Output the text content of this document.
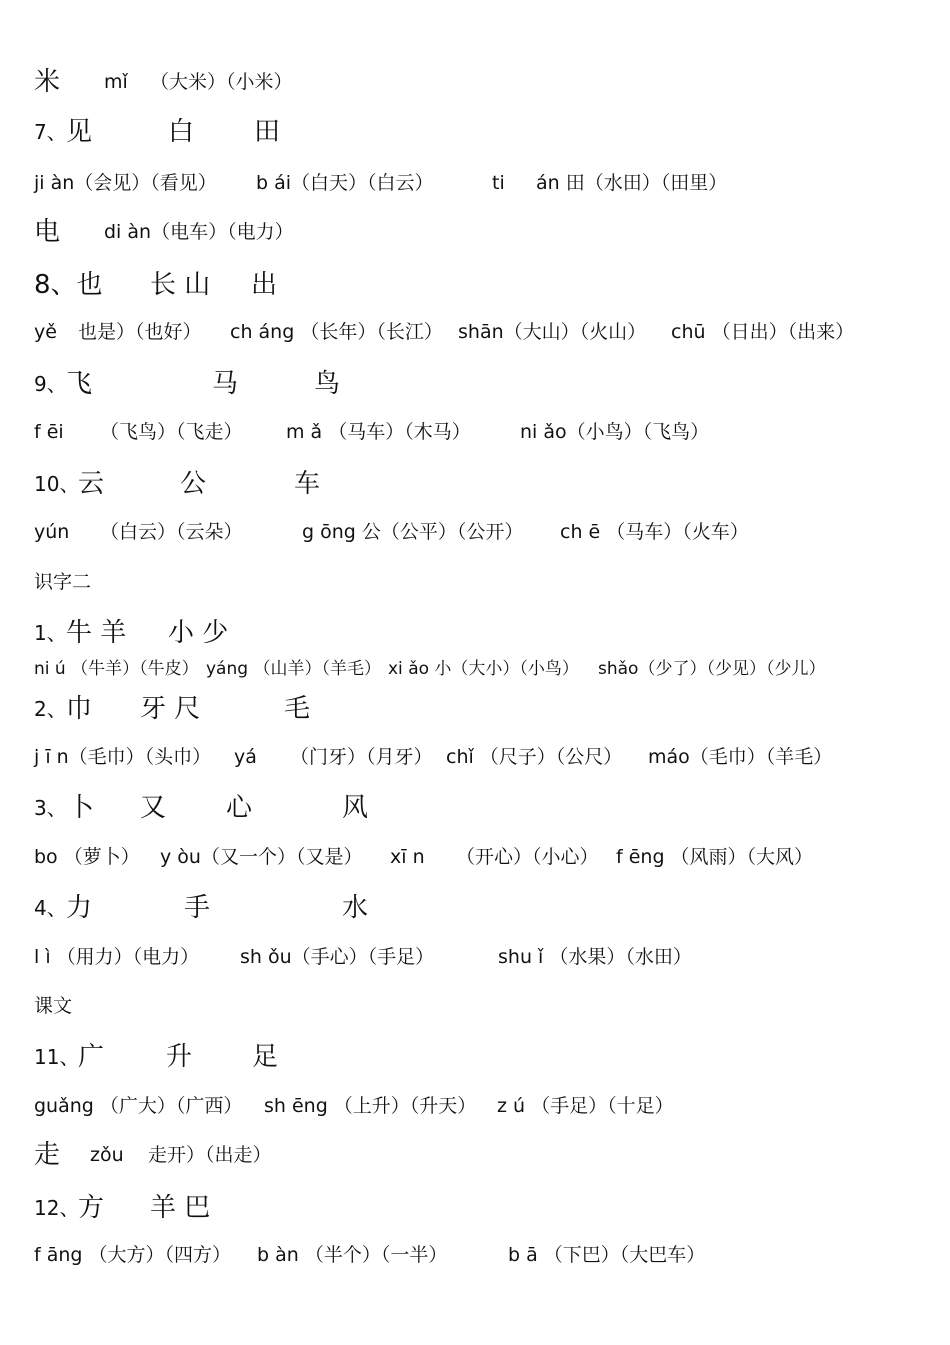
米 mǐ （大米）（小米）
7、 见	白 田
ji àn（会见）（看见） b ái（白天）（白云）	ti án 田（水田）（田里）
电 di àn（电车）（电力）
8、也 长 山 出
yě 也是）（也好） ch áng （长年）（长江） shān（大山）（火山） chū （日出）（出来）
9、 飞	马	鸟
f ēi （飞鸟）（飞走） m ǎ （马车）（木马）	ni ǎo（小鸟）（飞鸟）
10、
云	公	车
yún （白云）（云朵）	g ōng 公（公平）（公开） ch ē （马车）（火车）
识字二
1、 牛 羊 小 少
ni ú （牛羊）（牛皮） yáng （山羊）（羊毛） xi ǎo 小（大小）（小鸟） shǎo（少了）（少见）（少儿）
2、 巾 牙 尺	毛
j ī n（毛巾）（头巾） yá （门牙）（月牙） chǐ （尺子）（公尺） máo（毛巾）（羊毛）
3、 卜 又 心	风
bo （萝卜） y òu（又一个）（又是） xī n （开心）（小心） f ēng （风雨）（大风）
4、 力	手	水
l ì （用力）（电力） sh ǒu（手心）（手足）	shu ǐ （水果）（水田）
课文
11、
广 升 足
guǎng （广大）（广西） sh ēng （上升）（升天） z ú （手足）（十足）
走 zǒu 走开）（出走）
12、
方 羊 巴
f āng （大方）（四方） b àn （半个）（一半）	b ā （下巴）（大巴车）
